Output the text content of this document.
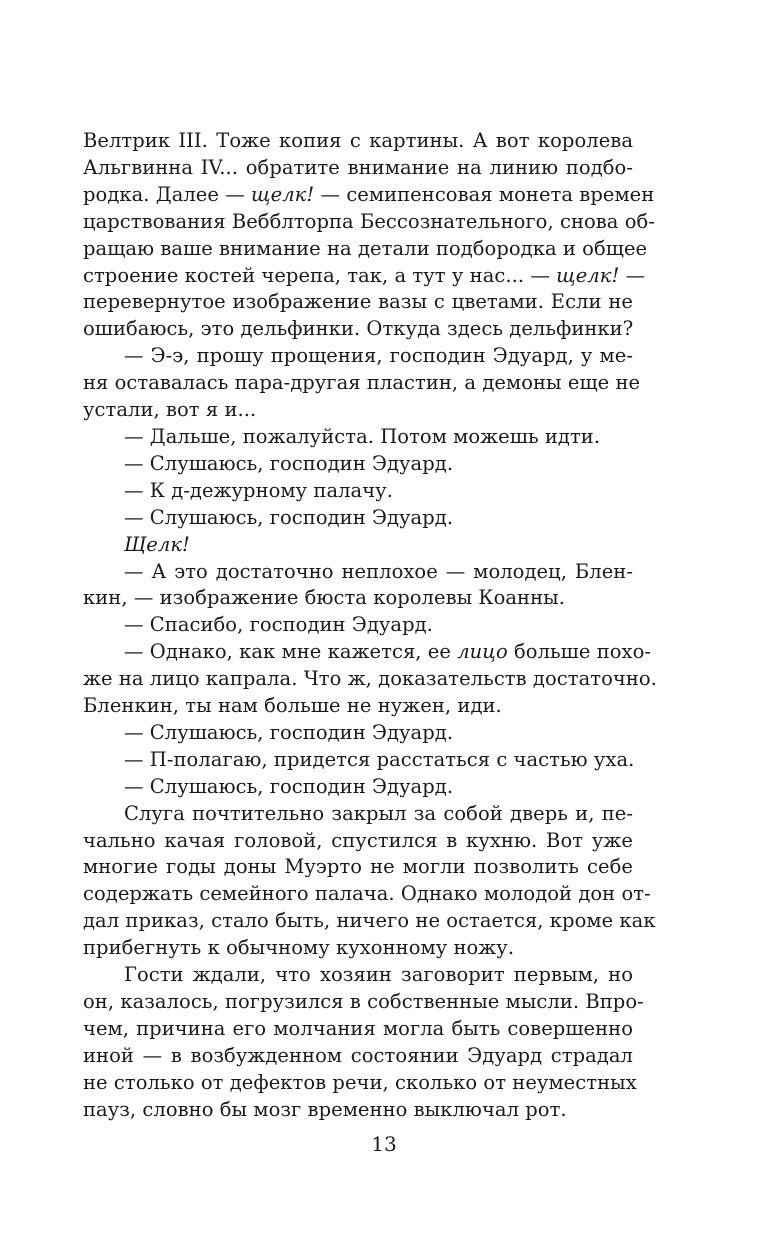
Велтрик III. Тоже копия с картины. А вот королева
Альгвинна IV... обратите внимание на линию подбо-
родка. Далее — щелк! — семипенсовая монета времен
царствования Вебблторпа Бессознательного, снова об-
ращаю ваше внимание на детали подбородка и общее
строение костей черепа, так, а тут у нас... — щелк! —
перевернутое изображение вазы с цветами. Если не
ошибаюсь, это дельфинки. Откуда здесь дельфинки?
— Э-э, прошу прощения, господин Эдуард, у ме-
ня оставалась пара-другая пластин, а демоны еще не
устали, вот я и...
— Дальше, пожалуйста. Потом можешь идти.
— Слушаюсь, господин Эдуард.
— К д-дежурному палачу.
— Слушаюсь, господин Эдуард.
Щелк!
— А это достаточно неплохое — молодец, Блен-
кин, — изображение бюста королевы Коанны.
— Спасибо, господин Эдуард.
— Однако, как мне кажется, ее лицо больше похо-
же на лицо капрала. Что ж, доказательств достаточно.
Бленкин, ты нам больше не нужен, иди.
— Слушаюсь, господин Эдуард.
— П-полагаю, придется расстаться с частью уха.
— Слушаюсь, господин Эдуард.
Слуга почтительно закрыл за собой дверь и, пе-
чально качая головой, спустился в кухню. Вот уже
многие годы доны Муэрто не могли позволить себе
содержать семейного палача. Однако молодой дон от-
дал приказ, стало быть, ничего не остается, кроме как
прибегнуть к обычному кухонному ножу.
Гости ждали, что хозяин заговорит первым, но
он, казалось, погрузился в собственные мысли. Впро-
чем, причина его молчания могла быть совершенно
иной — в возбужденном состоянии Эдуард страдал
не столько от дефектов речи, сколько от неуместных
пауз, словно бы мозг временно выключал рот.
13
